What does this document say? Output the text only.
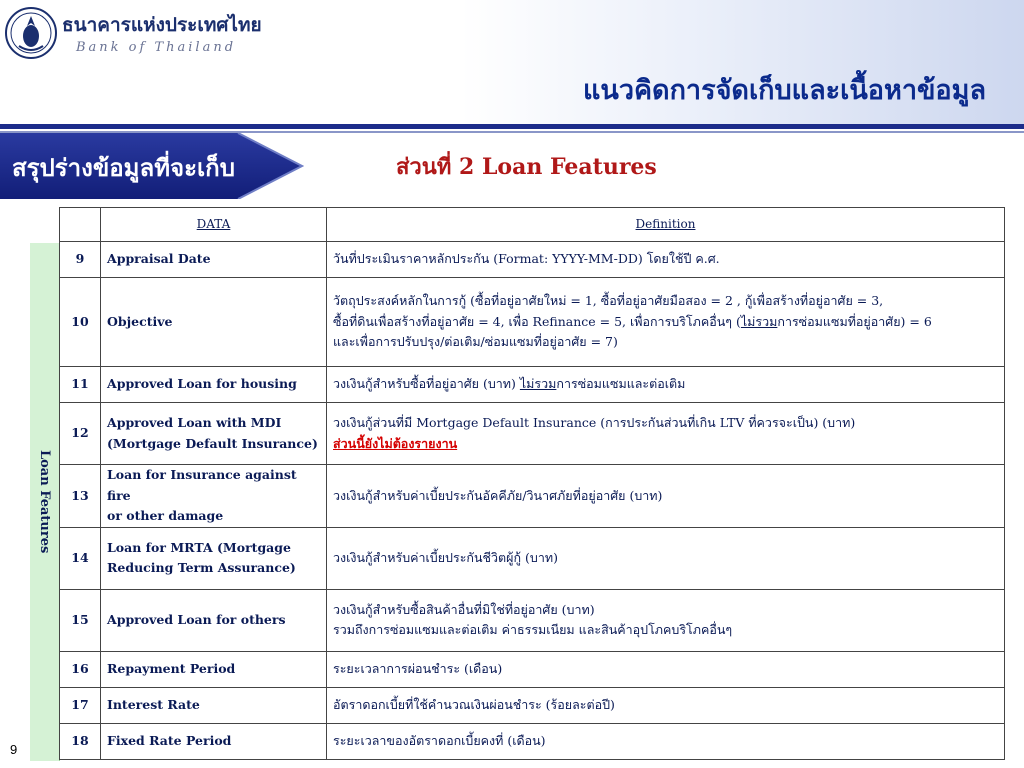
ธนาคารแห่งประเทศไทย
Bank of Thailand
แนวคิดการจัดเก็บและเนื้อหาข้อมูล
สรุปร่างข้อมูลที่จะเก็บ	ส่วนที่ 2 Loan Features
Loan Features
	DATA	Definition
9	Appraisal Date	วันที่ประเมินราคาหลักประกัน (Format: YYYY-MM-DD) โดยใช้ปี ค.ศ.
10	Objective	วัตถุประสงค์หลักในการกู้ (ซื้อที่อยู่อาศัยใหม่ = 1, ซื้อที่อยู่อาศัยมือสอง = 2 , กู้เพื่อสร้างที่อยู่อาศัย = 3,
ซื้อที่ดินเพื่อสร้างที่อยู่อาศัย = 4, เพื่อ Refinance = 5, เพื่อการบริโภคอื่นๆ (ไม่รวมการซ่อมแซมที่อยู่อาศัย) = 6
และเพื่อการปรับปรุง/ต่อเติม/ซ่อมแซมที่อยู่อาศัย = 7)
11	Approved Loan for housing	วงเงินกู้สำหรับซื้อที่อยู่อาศัย (บาท) ไม่รวมการซ่อมแซมและต่อเติม
12	Approved Loan with MDI
(Mortgage Default Insurance)	วงเงินกู้ส่วนที่มี Mortgage Default Insurance (การประกันส่วนที่เกิน LTV ที่ควรจะเป็น) (บาท)
ส่วนนี้ยังไม่ต้องรายงาน
13	Loan for Insurance against fire
or other damage	วงเงินกู้สำหรับค่าเบี้ยประกันอัคคีภัย/วินาศภัยที่อยู่อาศัย (บาท)
14	Loan for MRTA (Mortgage
Reducing Term Assurance)	วงเงินกู้สำหรับค่าเบี้ยประกันชีวิตผู้กู้ (บาท)
15	Approved Loan for others	วงเงินกู้สำหรับซื้อสินค้าอื่นที่มิใช่ที่อยู่อาศัย (บาท)
รวมถึงการซ่อมแซมและต่อเติม ค่าธรรมเนียม และสินค้าอุปโภคบริโภคอื่นๆ
16	Repayment Period	ระยะเวลาการผ่อนชำระ (เดือน)
17	Interest Rate	อัตราดอกเบี้ยที่ใช้คำนวณเงินผ่อนชำระ (ร้อยละต่อปี)
18	Fixed Rate Period	ระยะเวลาของอัตราดอกเบี้ยคงที่ (เดือน)
9
